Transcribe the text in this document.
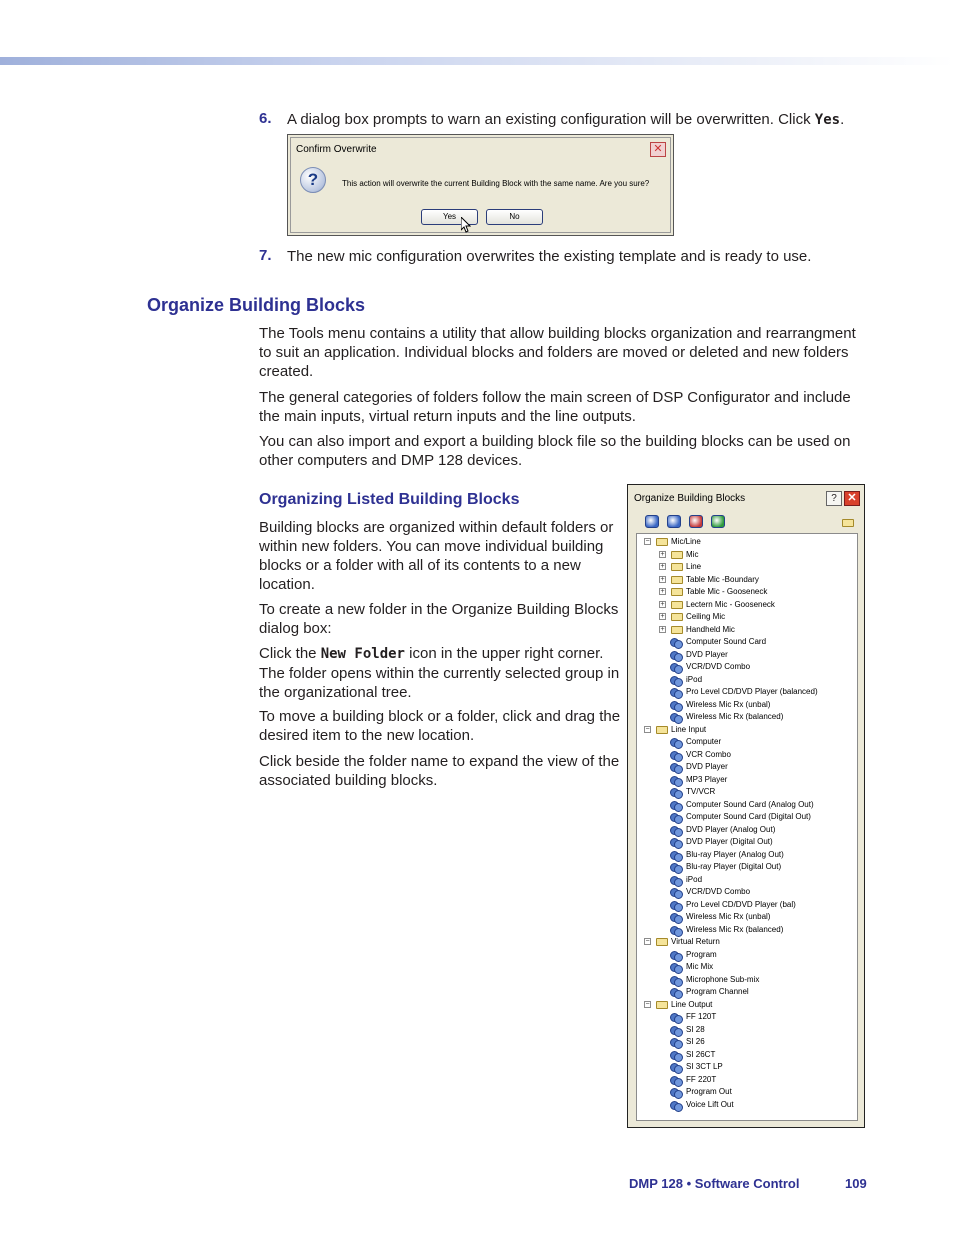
6. A dialog box prompts to warn an existing configuration will be overwritten. Click Yes.
Confirm Overwrite	✕
?	This action will overwrite the current Building Block with the same name. Are you sure?
Yes	No
7. The new mic configuration overwrites the existing template and is ready to use.
Organize Building Blocks
The Tools menu contains a utility that allow building blocks organization and rearrangment to suit an application. Individual blocks and folders are moved or deleted and new folders created.
The general categories of folders follow the main screen of DSP Configurator and include the main inputs, virtual return inputs and the line outputs.
You can also import and export a building block file so the building blocks can be used on other computers and DMP 128 devices.
Organizing Listed Building Blocks
Building blocks are organized within default folders or within new folders. You can move individual building blocks or a folder with all of its contents to a new location.
To create a new folder in the Organize Building Blocks dialog box:
Click the New Folder icon in the upper right corner. The folder opens within the currently selected group in the organizational tree.
To move a building block or a folder, click and drag the desired item to the new location.
Click beside the folder name to expand the view of the associated building blocks.
Organize Building Blocks	? ✕
−	Mic/Line
+	Mic
+	Line
+	Table Mic -Boundary
+	Table Mic - Gooseneck
+	Lectern Mic - Gooseneck
+	Ceiling Mic
+	Handheld Mic
Computer Sound Card
DVD Player
VCR/DVD Combo
iPod
Pro Level CD/DVD Player (balanced)
Wireless Mic Rx (unbal)
Wireless Mic Rx (balanced)
−	Line Input
Computer
VCR Combo
DVD Player
MP3 Player
TV/VCR
Computer Sound Card (Analog Out)
Computer Sound Card (Digital Out)
DVD Player (Analog Out)
DVD Player (Digital Out)
Blu-ray Player (Analog Out)
Blu-ray Player (Digital Out)
iPod
VCR/DVD Combo
Pro Level CD/DVD Player (bal)
Wireless Mic Rx (unbal)
Wireless Mic Rx (balanced)
−	Virtual Return
Program
Mic Mix
Microphone Sub-mix
Program Channel
−	Line Output
FF 120T
SI 28
SI 26
SI 26CT
SI 3CT LP
FF 220T
Program Out
Voice Lift Out
DMP 128 • Software Control	109
